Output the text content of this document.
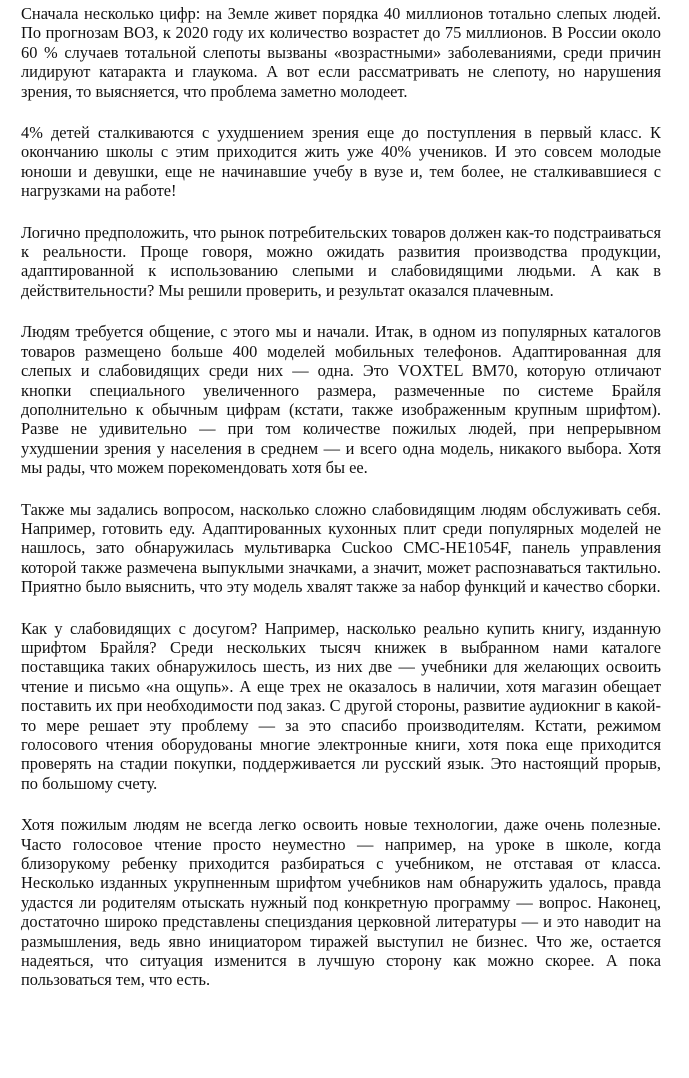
Сначала несколько цифр: на Земле живет порядка 40 миллионов тотально слепых людей. По прогнозам ВОЗ, к 2020 году их количество возрастет до 75 миллионов. В России около 60 % случаев тотальной слепоты вызваны «возрастными» заболеваниями, среди причин лидируют катаракта и глаукома. А вот если рассматривать не слепоту, но нарушения зрения, то выясняется, что проблема заметно молодеет.

4% детей сталкиваются с ухудшением зрения еще до поступления в первый класс. К окончанию школы с этим приходится жить уже 40% учеников. И это совсем молодые юноши и девушки, еще не начинавшие учебу в вузе и, тем более, не сталкивавшиеся с нагрузками на работе!

Логично предположить, что рынок потребительских товаров должен как-то подстраиваться к реальности. Проще говоря, можно ожидать развития производства продукции, адаптированной к использованию слепыми и слабовидящими людьми. А как в действительности? Мы решили проверить, и результат оказался плачевным.

Людям требуется общение, с этого мы и начали. Итак, в одном из популярных каталогов товаров размещено больше 400 моделей мобильных телефонов. Адаптированная для слепых и слабовидящих среди них — одна. Это VOXTEL BM70, которую отличают кнопки специального увеличенного размера, размеченные по системе Брайля дополнительно к обычным цифрам (кстати, также изображенным крупным шрифтом). Разве не удивительно — при том количестве пожилых людей, при непрерывном ухудшении зрения у населения в среднем — и всего одна модель, никакого выбора. Хотя мы рады, что можем порекомендовать хотя бы ее.

Также мы задались вопросом, насколько сложно слабовидящим людям обслуживать себя. Например, готовить еду. Адаптированных кухонных плит среди популярных моделей не нашлось, зато обнаружилась мультиварка Cuckoo CMC-HE1054F, панель управления которой также размечена выпуклыми значками, а значит, может распознаваться тактильно. Приятно было выяснить, что эту модель хвалят также за набор функций и качество сборки.

Как у слабовидящих с досугом? Например, насколько реально купить книгу, изданную шрифтом Брайля? Среди нескольких тысяч книжек в выбранном нами каталоге поставщика таких обнаружилось шесть, из них две — учебники для желающих освоить чтение и письмо «на ощупь». А еще трех не оказалось в наличии, хотя магазин обещает поставить их при необходимости под заказ. С другой стороны, развитие аудиокниг в какой-то мере решает эту проблему — за это спасибо производителям. Кстати, режимом голосового чтения оборудованы многие электронные книги, хотя пока еще приходится проверять на стадии покупки, поддерживается ли русский язык. Это настоящий прорыв, по большому счету.

Хотя пожилым людям не всегда легко освоить новые технологии, даже очень полезные. Часто голосовое чтение просто неуместно — например, на уроке в школе, когда близорукому ребенку приходится разбираться с учебником, не отставая от класса. Несколько изданных укрупненным шрифтом учебников нам обнаружить удалось, правда удастся ли родителям отыскать нужный под конкретную программу — вопрос. Наконец, достаточно широко представлены специздания церковной литературы — и это наводит на размышления, ведь явно инициатором тиражей выступил не бизнес. Что же, остается надеяться, что ситуация изменится в лучшую сторону как можно скорее. А пока пользоваться тем, что есть.
